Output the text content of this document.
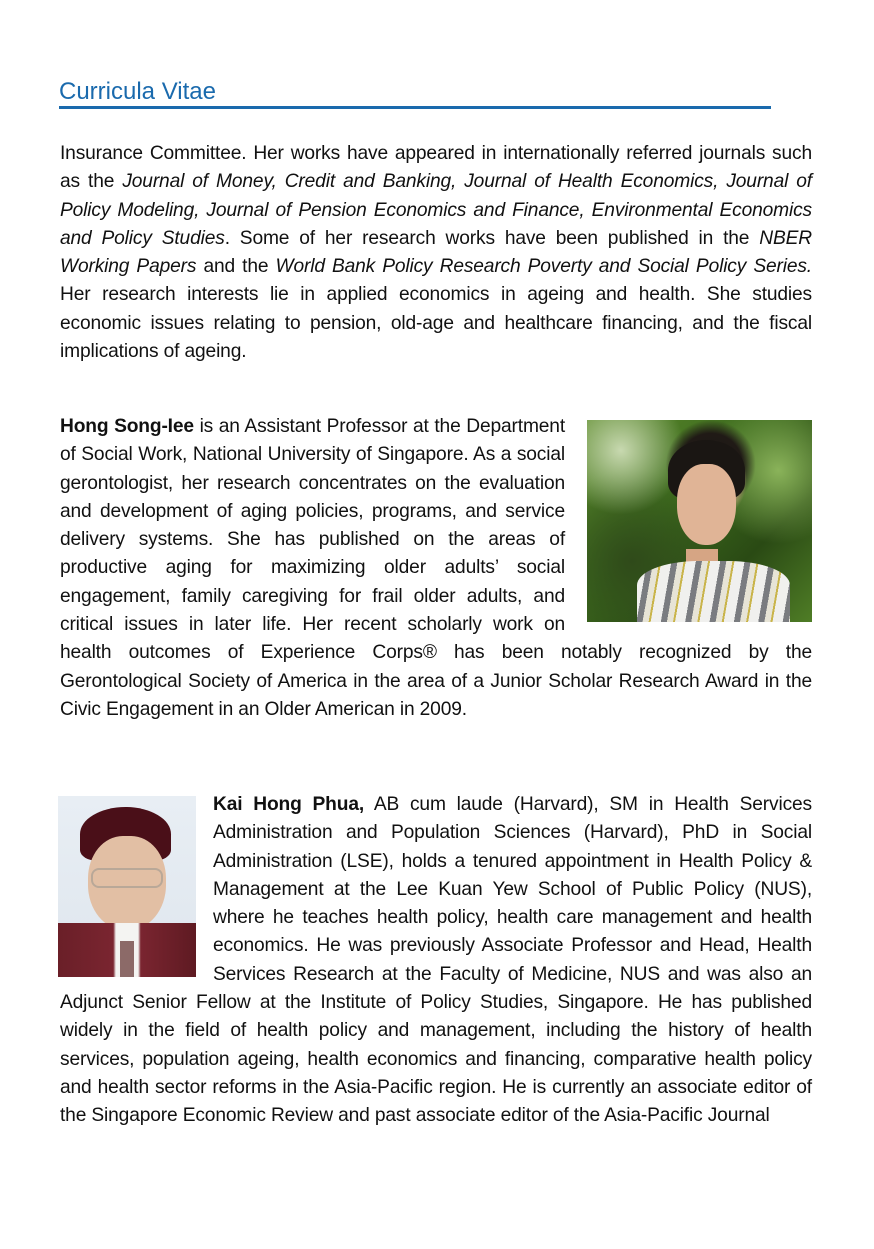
Curricula Vitae

Insurance Committee. Her works have appeared in internationally referred journals such as the Journal of Money, Credit and Banking, Journal of Health Economics, Journal of Policy Modeling, Journal of Pension Economics and Finance, Environmental Economics and Policy Studies. Some of her research works have been published in the NBER Working Papers and the World Bank Policy Research Poverty and Social Policy Series. Her research interests lie in applied economics in ageing and health. She studies economic issues relating to pension, old-age and healthcare financing, and the fiscal implications of ageing.

Hong Song-Iee is an Assistant Professor at the Department of Social Work, National University of Singapore. As a social gerontologist, her research concentrates on the evaluation and development of aging policies, programs, and service delivery systems. She has published on the areas of productive aging for maximizing older adults’ social engagement, family caregiving for frail older adults, and critical issues in later life. Her recent scholarly work on health outcomes of Experience Corps® has been notably recognized by the Gerontological Society of America in the area of a Junior Scholar Research Award in the Civic Engagement in an Older American in 2009.

Kai Hong Phua, AB cum laude (Harvard), SM in Health Services Administration and Population Sciences (Harvard), PhD in Social Administration (LSE), holds a tenured appointment in Health Policy & Management at the Lee Kuan Yew School of Public Policy (NUS), where he teaches health policy, health care management and health economics. He was previously Associate Professor and Head, Health Services Research at the Faculty of Medicine, NUS and was also an Adjunct Senior Fellow at the Institute of Policy Studies, Singapore. He has published widely in the field of health policy and management, including the history of health services, population ageing, health economics and financing, comparative health policy and health sector reforms in the Asia-Pacific region. He is currently an associate editor of the Singapore Economic Review and past associate editor of the Asia-Pacific Journal
